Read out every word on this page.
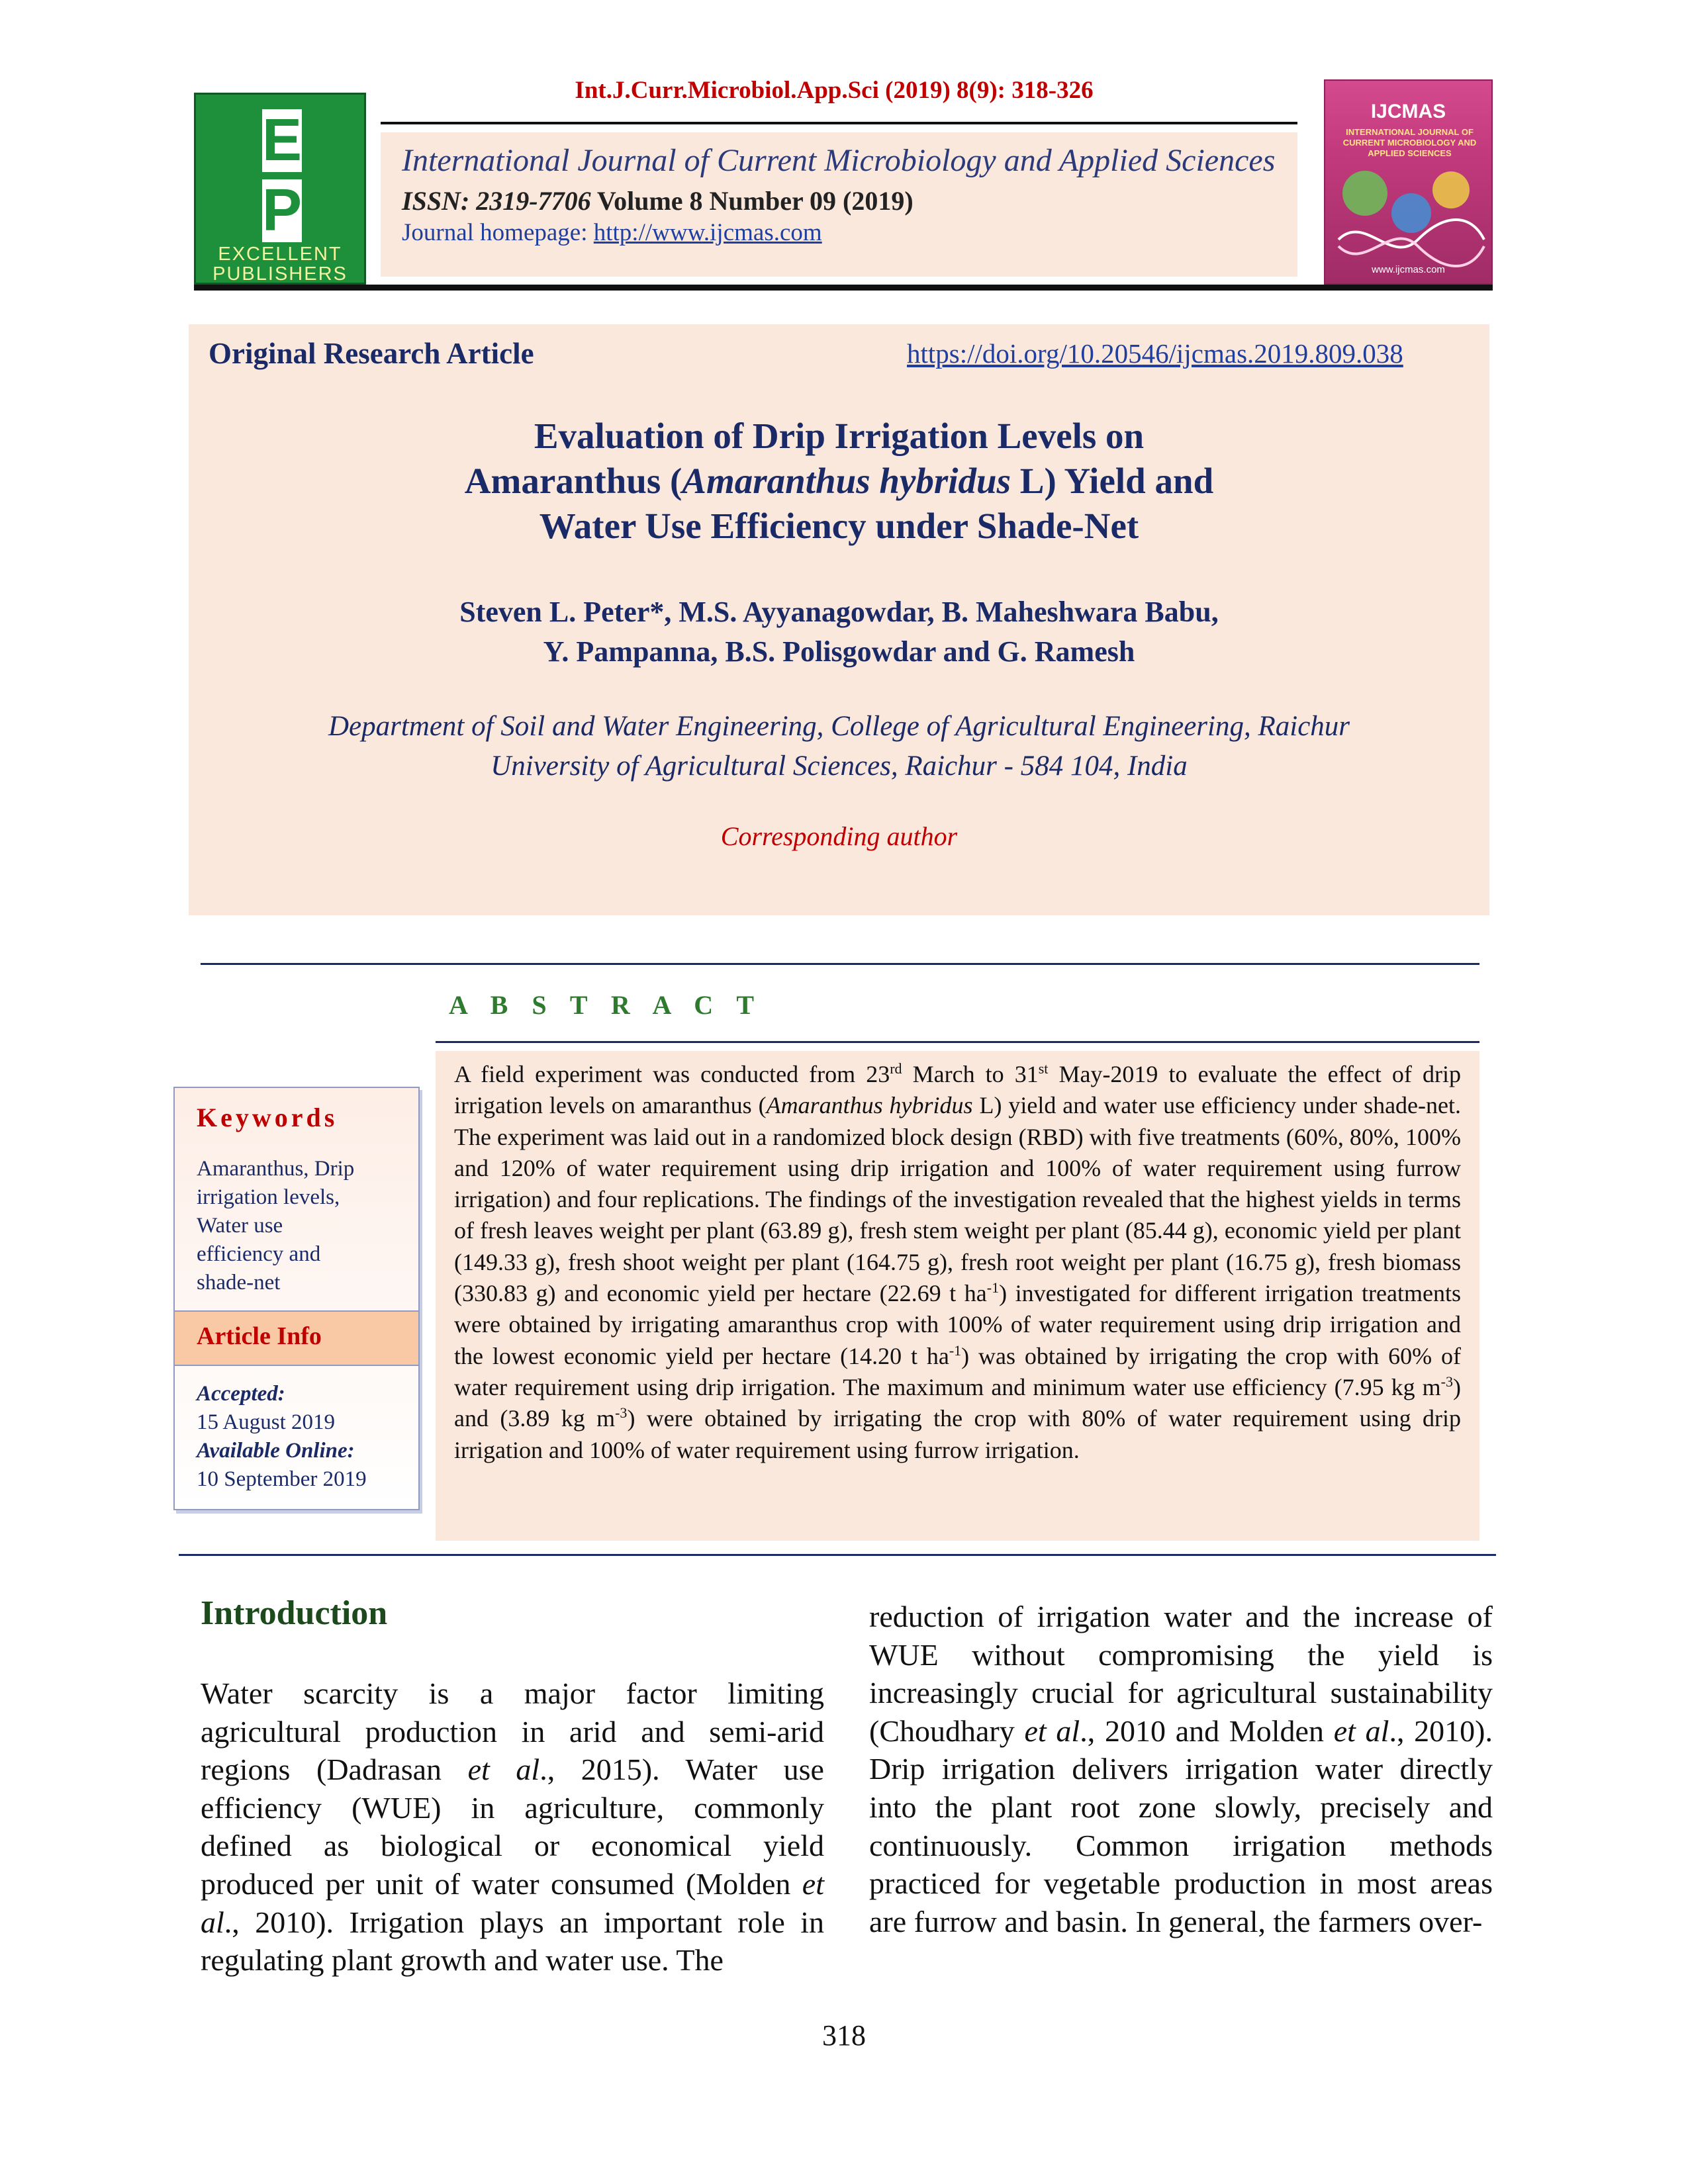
E
P
EXCELLENT
PUBLISHERS
Int.J.Curr.Microbiol.App.Sci (2019) 8(9): 318-326
International Journal of Current Microbiology and Applied Sciences
ISSN: 2319-7706 Volume 8 Number 09 (2019)
Journal homepage: http://www.ijcmas.com
IJCMAS
INTERNATIONAL JOURNAL OF CURRENT MICROBIOLOGY AND APPLIED SCIENCES
www.ijcmas.com
Original Research Article	https://doi.org/10.20546/ijcmas.2019.809.038
Evaluation of Drip Irrigation Levels on
Amaranthus (Amaranthus hybridus L) Yield and
Water Use Efficiency under Shade-Net
Steven L. Peter*, M.S. Ayyanagowdar, B. Maheshwara Babu,
Y. Pampanna, B.S. Polisgowdar and G. Ramesh
Department of Soil and Water Engineering, College of Agricultural Engineering, Raichur
University of Agricultural Sciences, Raichur - 584 104, India
Corresponding author
A B S T R A C T
A field experiment was conducted from 23rd March to 31st May-2019 to evaluate the effect of drip irrigation levels on amaranthus (Amaranthus hybridus L) yield and water use efficiency under shade-net. The experiment was laid out in a randomized block design (RBD) with five treatments (60%, 80%, 100% and 120% of water requirement using drip irrigation and 100% of water requirement using furrow irrigation) and four replications. The findings of the investigation revealed that the highest yields in terms of fresh leaves weight per plant (63.89 g), fresh stem weight per plant (85.44 g), economic yield per plant (149.33 g), fresh shoot weight per plant (164.75 g), fresh root weight per plant (16.75 g), fresh biomass (330.83 g) and economic yield per hectare (22.69 t $ha^{-1}$) investigated for different irrigation treatments were obtained by irrigating amaranthus crop with 100% of water requirement using drip irrigation and the lowest economic yield per hectare (14.20 t $ha^{-1}$) was obtained by irrigating the crop with 60% of water requirement using drip irrigation. The maximum and minimum water use efficiency (7.95 kg $m^{-3}$) and (3.89 kg $m^{-3}$) were obtained by irrigating the crop with 80% of water requirement using drip irrigation and 100% of water requirement using furrow irrigation.
Keywords
Amaranthus, Drip
irrigation levels,
Water use
efficiency and
shade-net
Article Info
Accepted:
15 August 2019
Available Online:
10 September 2019
Introduction

Water scarcity is a major factor limiting agricultural production in arid and semi-arid regions (Dadrasan et al., 2015). Water use efficiency (WUE) in agriculture, commonly defined as biological or economical yield produced per unit of water consumed (Molden et al., 2010). Irrigation plays an important role in regulating plant growth and water use. The

reduction of irrigation water and the increase of WUE without compromising the yield is increasingly crucial for agricultural sustainability (Choudhary et al., 2010 and Molden et al., 2010). Drip irrigation delivers irrigation water directly into the plant root zone slowly, precisely and continuously. Common irrigation methods practiced for vegetable production in most areas are furrow and basin. In general, the farmers over-

318
